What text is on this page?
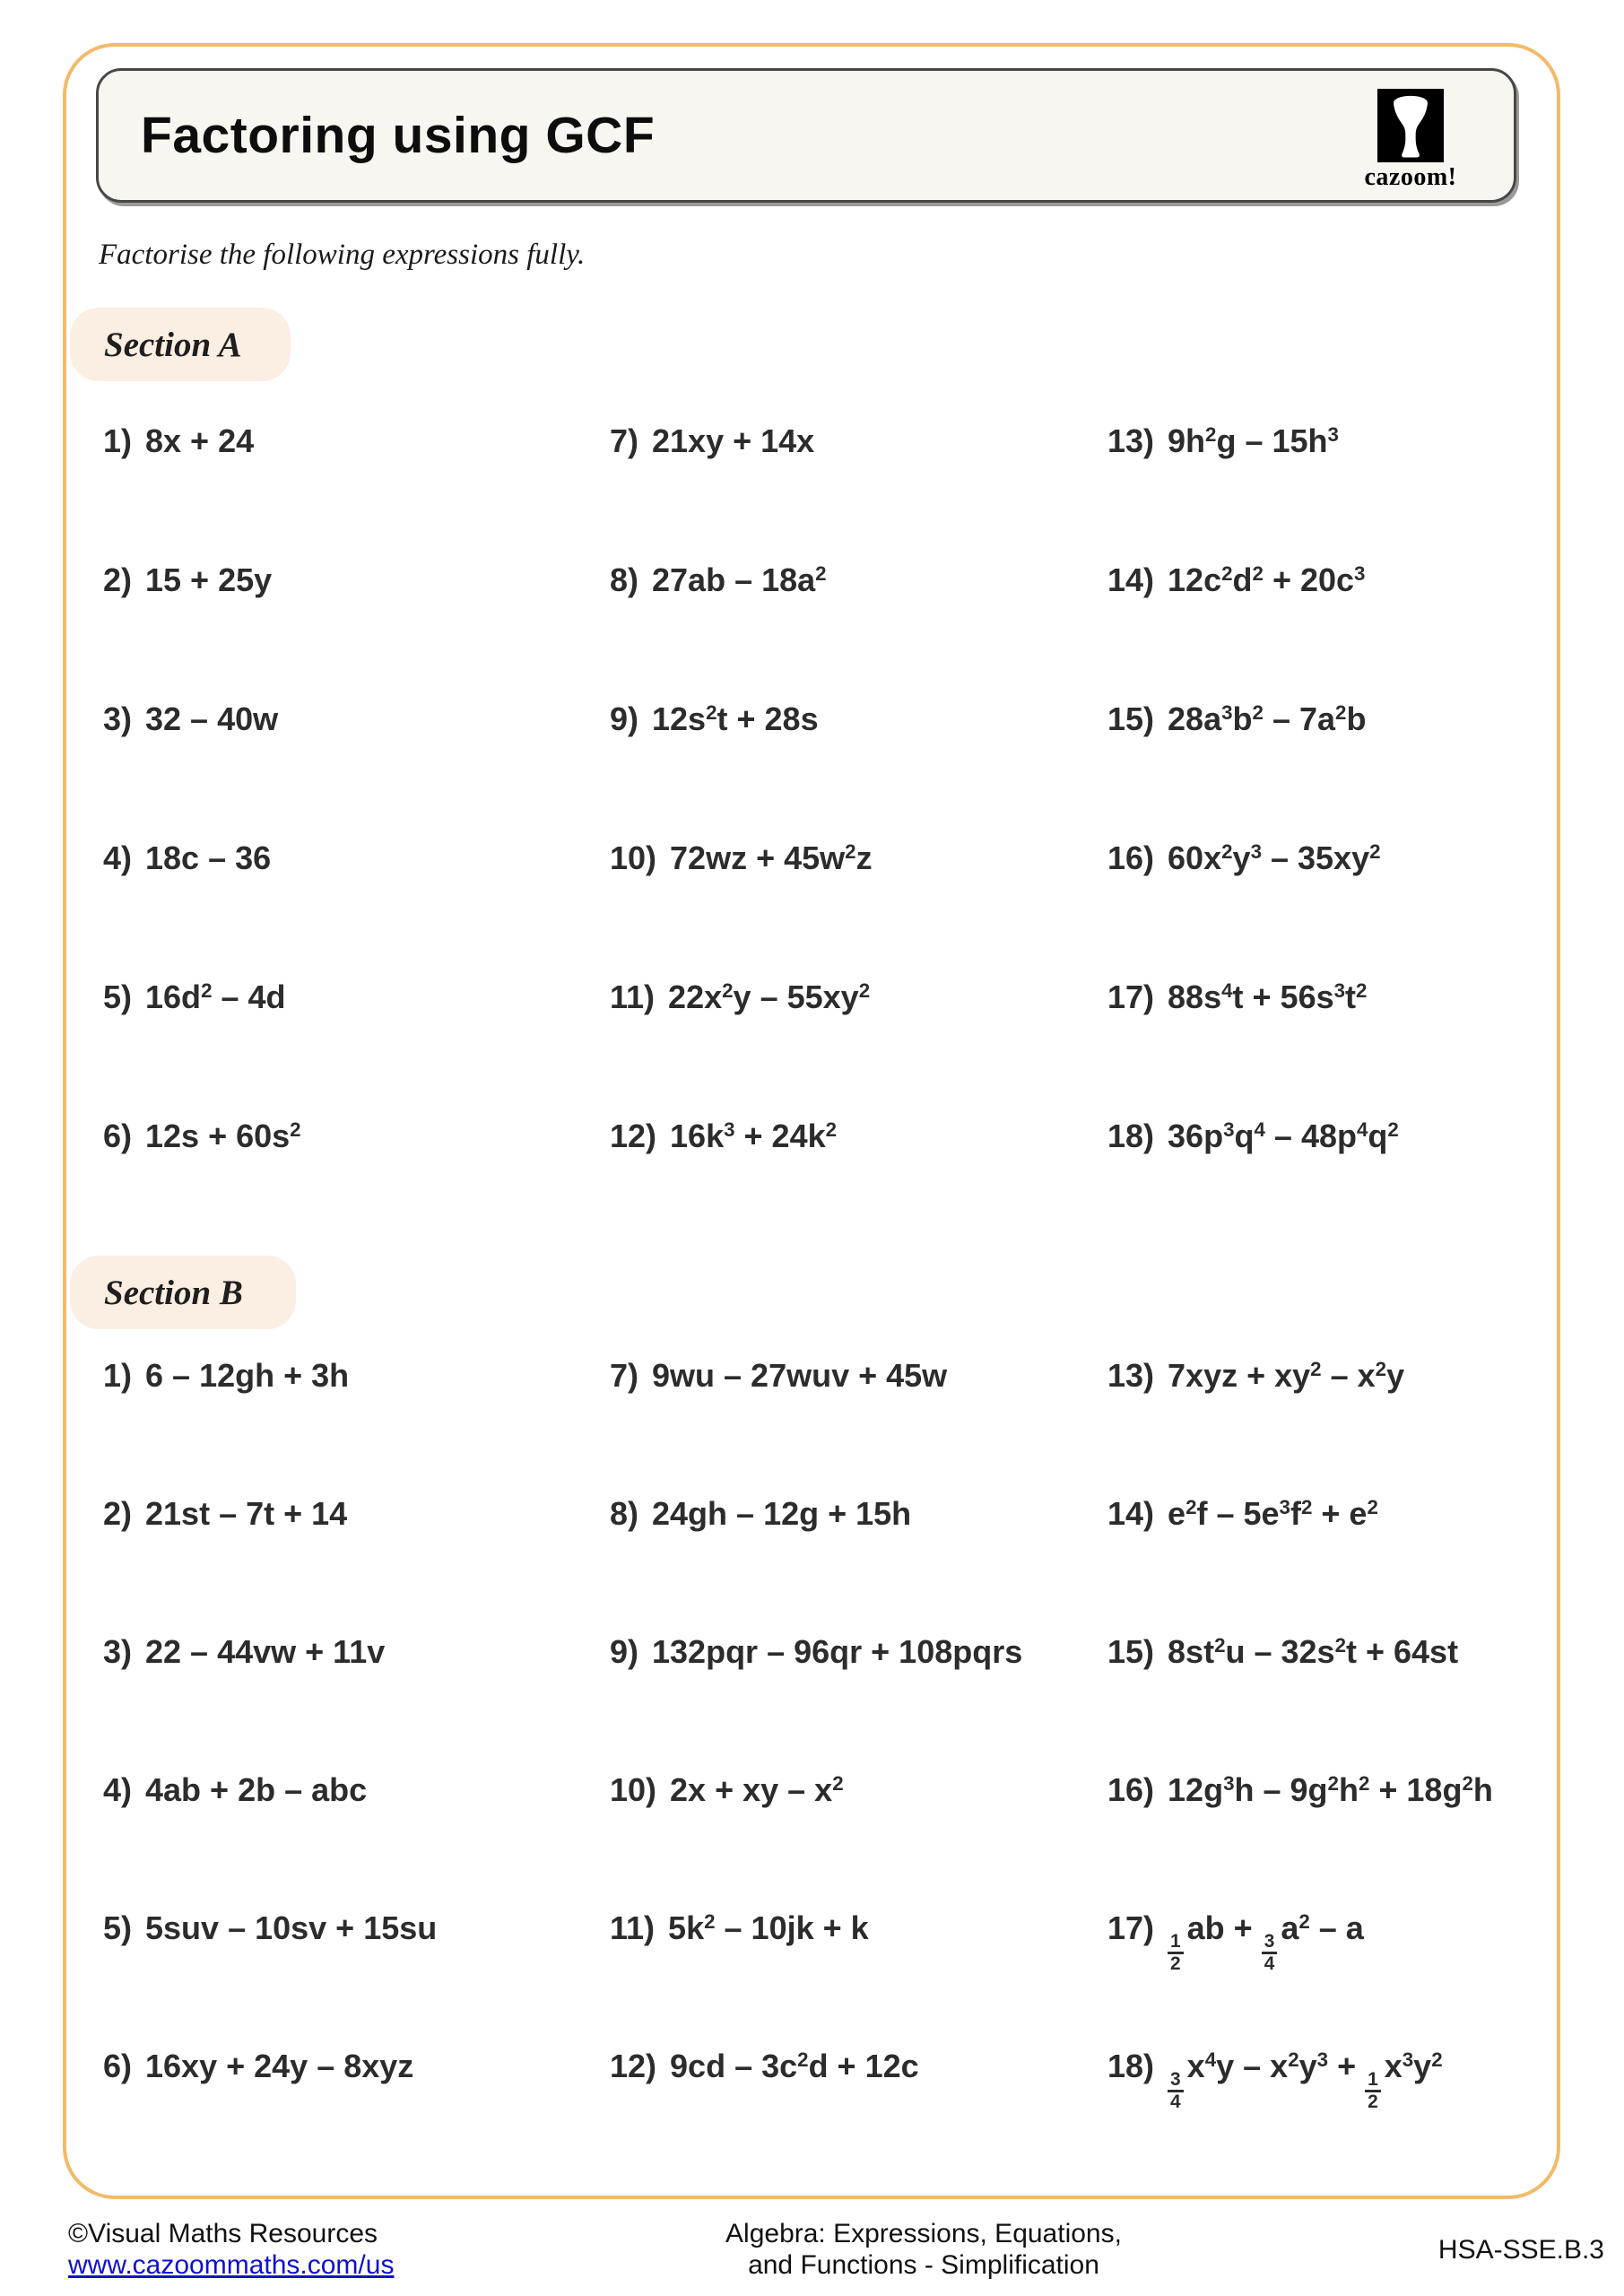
Factoring using GCF
cazoom!
Factorise the following expressions fully.
Section A
1) 8x + 24
2) 15 + 25y
3) 32 – 40w
4) 18c – 36
5) $16d^2 - 4d$
6) $12s + 60s^2$
7) 21xy + 14x
8) $27ab - 18a^2$
9) $12s^2t + 28s$
10) $72wz + 45w^2z$
11) $22x^2y - 55xy^2$
12) $16k^3 + 24k^2$
13) $9h^2g - 15h^3$
14) $12c^2d^2 + 20c^3$
15) $28a^3b^2 - 7a^2b$
16) $60x^2y^3 - 35xy^2$
17) $88s^4t + 56s^3t^2$
18) $36p^3q^4 - 48p^4q^2$
Section B
1) 6 – 12gh + 3h
2) 21st – 7t + 14
3) 22 – 44vw + 11v
4) 4ab + 2b – abc
5) 5suv – 10sv + 15su
6) 16xy + 24y – 8xyz
7) 9wu – 27wuv + 45w
8) 24gh – 12g + 15h
9) 132pqr – 96qr + 108pqrs
10) 2x + xy – $x^2$
11) $5k^2 - 10jk + k$
12) $9cd - 3c^2d + 12c$
13) $7xyz + xy^2 - x^2y$
14) $e^2f - 5e^3f^2 + e^2$
15) $8st^2u - 32s^2t + 64st$
16) $12g^3h - 9g^2h^2 + 18g^2h$
17)
$\frac{1}{2}$
ab +
$\frac{3}{4}$
$a^2$ – a
18)
$\frac{3}{4}$
$x^4y - x^2y^3$ +
$\frac{1}{2}$
$x^3y^2$
©Visual Maths Resources
www.cazoommaths.com/us
Algebra: Expressions, Equations,
and Functions - Simplification
HSA-SSE.B.3
